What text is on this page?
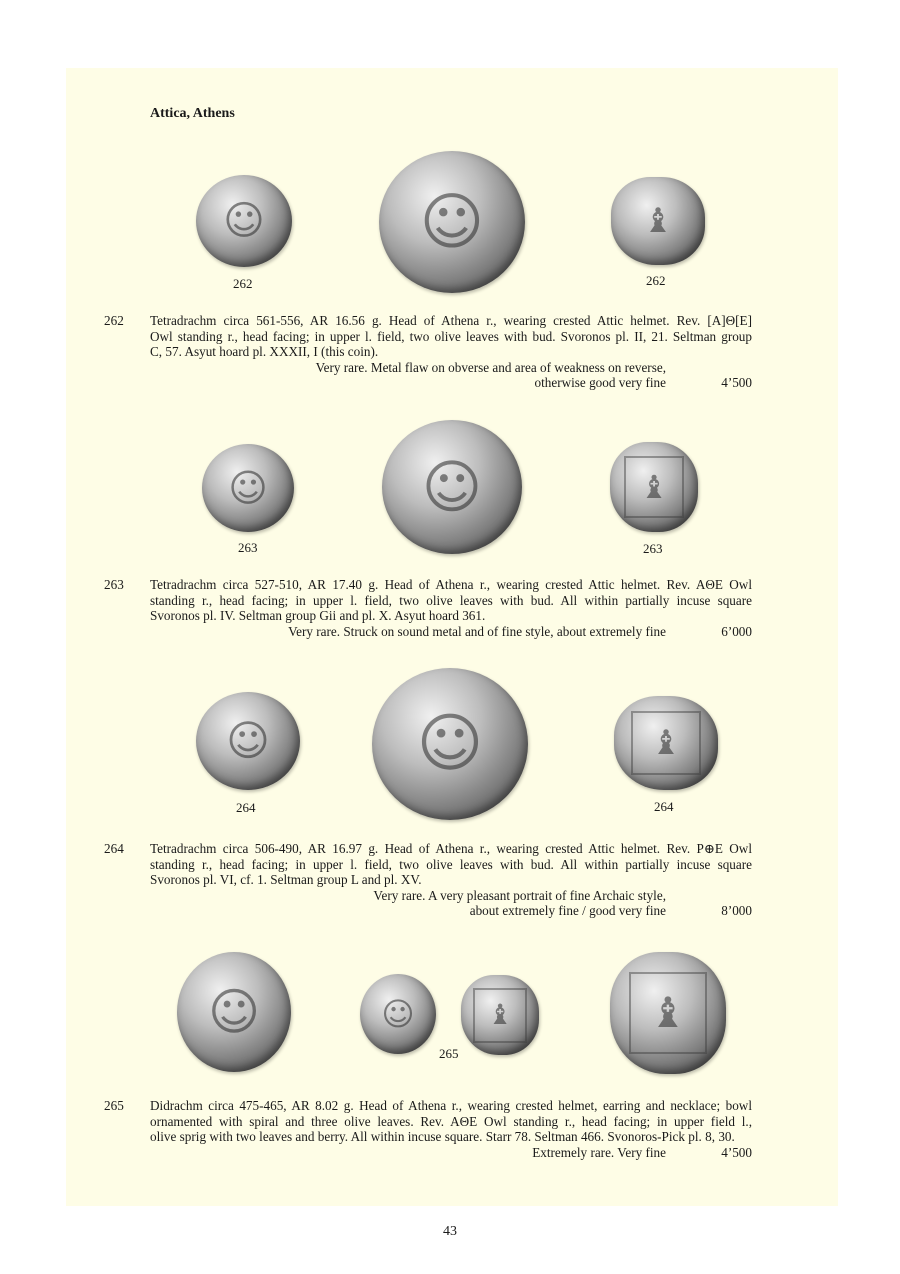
Attica, Athens
☺ ☺	♝
262	262
262 Tetradrachm circa 561-556, AR 16.56 g. Head of Athena r., wearing crested Attic helmet. Rev. [A]Θ[E]
Owl standing r., head facing; in upper l. field, two olive leaves with bud. Svoronos pl. II, 21. Seltman group
C, 57. Asyut hoard pl. XXXII, I (this coin).
Very rare. Metal flaw on obverse and area of weakness on reverse,
otherwise good very fine	4’500
☺	☺	♝
263	263
263 Tetradrachm circa 527-510, AR 17.40 g. Head of Athena r., wearing crested Attic helmet. Rev. AΘE Owl
standing r., head facing; in upper l. field, two olive leaves with bud. All within partially incuse square
Svoronos pl. IV. Seltman group Gii and pl. X. Asyut hoard 361.
Very rare. Struck on sound metal and of fine style, about extremely fine	6’000
☺ ☺	♝
264	264
264 Tetradrachm circa 506-490, AR 16.97 g. Head of Athena r., wearing crested Attic helmet. Rev. P⊕E Owl
standing r., head facing; in upper l. field, two olive leaves with bud. All within partially incuse square
Svoronos pl. VI, cf. 1. Seltman group L and pl. XV.
Very rare. A very pleasant portrait of fine Archaic style,
about extremely fine / good very fine	8’000
☺	☺	♝	♝
265
265 Didrachm circa 475-465, AR 8.02 g. Head of Athena r., wearing crested helmet, earring and necklace; bowl
ornamented with spiral and three olive leaves. Rev. AΘE Owl standing r., head facing; in upper field l.,
olive sprig with two leaves and berry. All within incuse square. Starr 78. Seltman 466. Svonoros-Pick pl. 8, 30.
Extremely rare. Very fine	4’500
43
